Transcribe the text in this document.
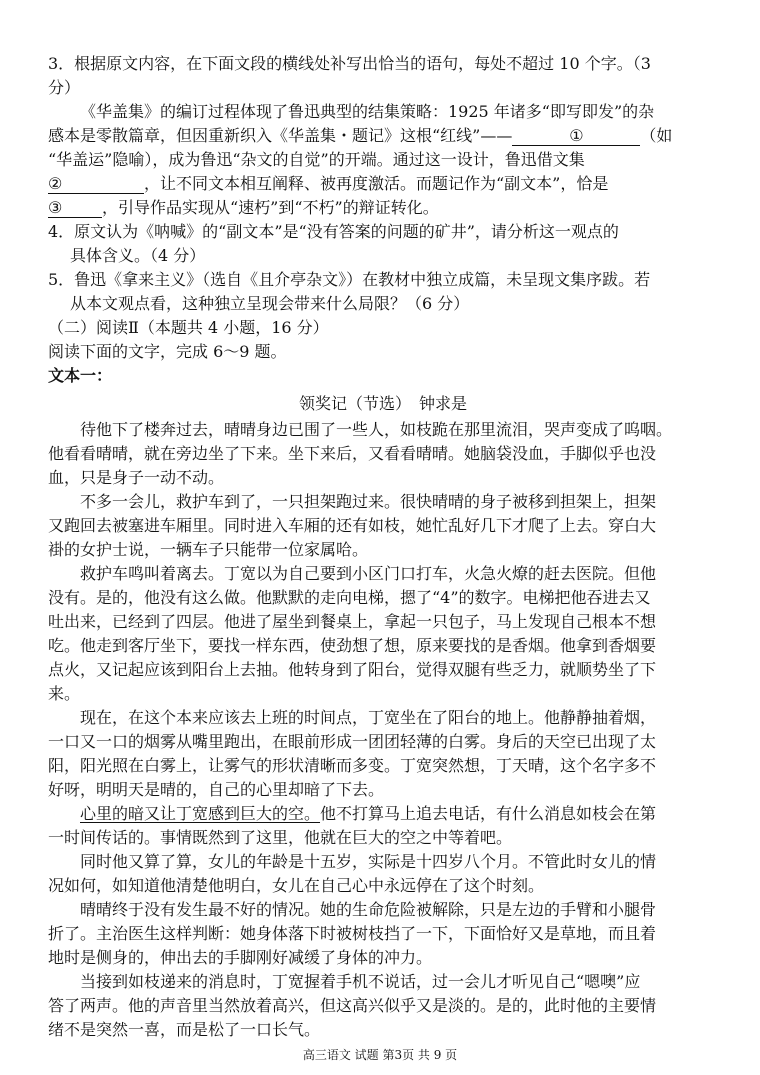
3．根据原文内容，在下面文段的横线处补写出恰当的语句，每处不超过 10 个字。（3
分）
《华盖集》的编订过程体现了鲁迅典型的结集策略：1925 年诸多“即写即发”的杂
感本是零散篇章，但因重新织入《华盖集・题记》这根“红线”——	①	（如
“华盖运”隐喻），成为鲁迅“杂文的自觉”的开端。通过这一设计，鲁迅借文集
②	，让不同文本相互阐释、被再度激活。而题记作为“副文本”，恰是
③ ，引导作品实现从“速朽”到“不朽”的辩证转化。
4．原文认为《呐喊》的“副文本”是“没有答案的问题的矿井”，请分析这一观点的
具体含义。（4 分）
5．鲁迅《拿来主义》（选自《且介亭杂文》）在教材中独立成篇，未呈现文集序跋。若
从本文观点看，这种独立呈现会带来什么局限？（6 分）
（二）阅读Ⅱ（本题共 4 小题，16 分）
阅读下面的文字，完成 6～9 题。
文本一：
领奖记（节选）　钟求是
待他下了楼奔过去，晴晴身边已围了一些人，如枝跪在那里流泪，哭声变成了呜咽。
他看看晴晴，就在旁边坐了下来。坐下来后，又看看晴晴。她脑袋没血，手脚似乎也没
血，只是身子一动不动。
不多一会儿，救护车到了，一只担架跑过来。很快晴晴的身子被移到担架上，担架
又跑回去被塞进车厢里。同时进入车厢的还有如枝，她忙乱好几下才爬了上去。穿白大
褂的女护士说，一辆车子只能带一位家属哈。
救护车鸣叫着离去。丁宽以为自己要到小区门口打车，火急火燎的赶去医院。但他
没有。是的，他没有这么做。他默默的走向电梯，摁了“4”的数字。电梯把他吞进去又
吐出来，已经到了四层。他进了屋坐到餐桌上，拿起一只包子，马上发现自己根本不想
吃。他走到客厅坐下，要找一样东西，使劲想了想，原来要找的是香烟。他拿到香烟要
点火，又记起应该到阳台上去抽。他转身到了阳台，觉得双腿有些乏力，就顺势坐了下
来。
现在，在这个本来应该去上班的时间点，丁宽坐在了阳台的地上。他静静抽着烟，
一口又一口的烟雾从嘴里跑出，在眼前形成一团团轻薄的白雾。身后的天空已出现了太
阳，阳光照在白雾上，让雾气的形状清晰而多变。丁宽突然想，丁天晴，这个名字多不
好呀，明明天是晴的，自己的心里却暗了下去。
心里的暗又让丁宽感到巨大的空。他不打算马上追去电话，有什么消息如枝会在第
一时间传话的。事情既然到了这里，他就在巨大的空之中等着吧。
同时他又算了算，女儿的年龄是十五岁，实际是十四岁八个月。不管此时女儿的情
况如何，如知道他清楚他明白，女儿在自己心中永远停在了这个时刻。
晴晴终于没有发生最不好的情况。她的生命危险被解除，只是左边的手臂和小腿骨
折了。主治医生这样判断：她身体落下时被树枝挡了一下，下面恰好又是草地，而且着
地时是侧身的，伸出去的手脚刚好减缓了身体的冲力。
当接到如枝递来的消息时，丁宽握着手机不说话，过一会儿才听见自己“嗯噢”应
答了两声。他的声音里当然放着高兴，但这高兴似乎又是淡的。是的，此时他的主要情
绪不是突然一喜，而是松了一口长气。
高三语文 试题 第3页 共 9 页
